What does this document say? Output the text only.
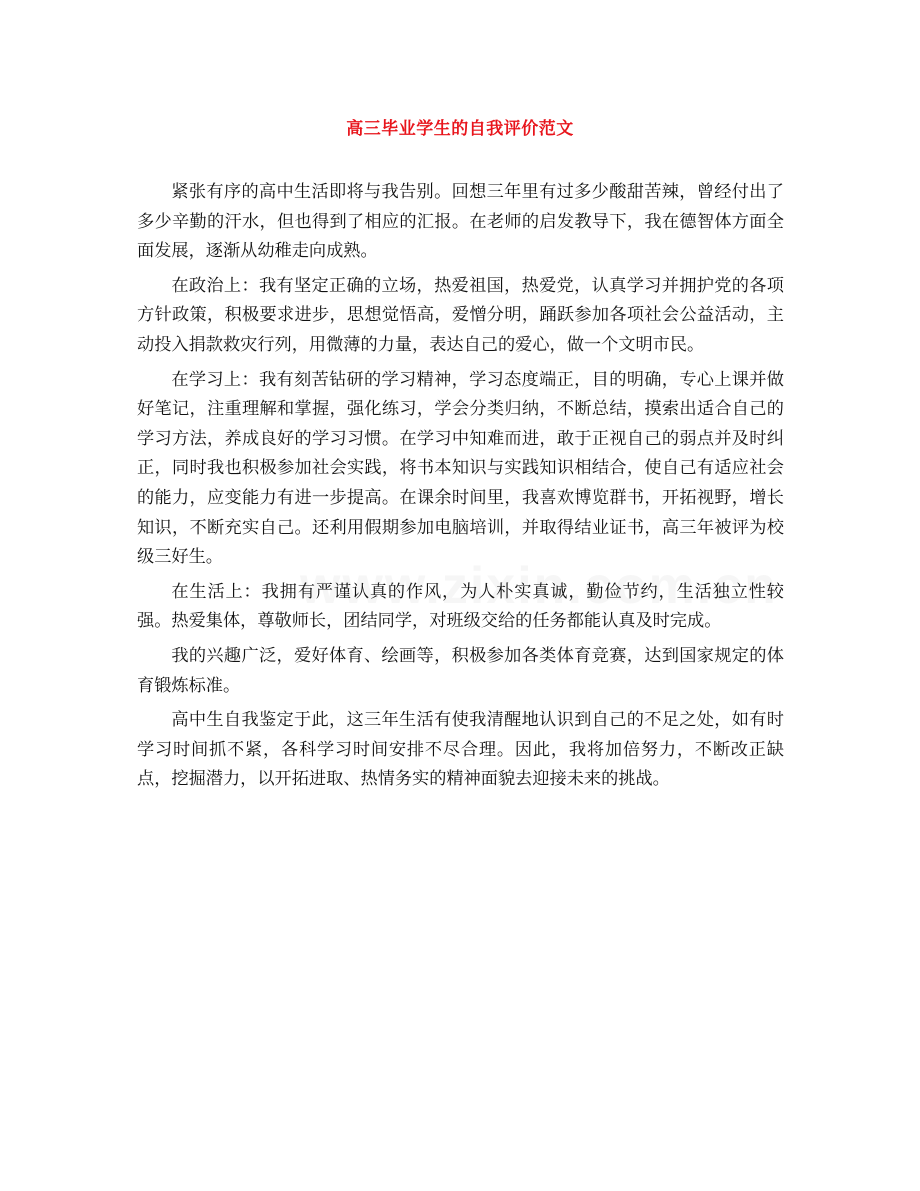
高三毕业学生的自我评价范文

紧张有序的高中生活即将与我告别。回想三年里有过多少酸甜苦辣，曾经付出了多少辛勤的汗水，但也得到了相应的汇报。在老师的启发教导下，我在德智体方面全面发展，逐渐从幼稚走向成熟。

在政治上：我有坚定正确的立场，热爱祖国，热爱党，认真学习并拥护党的各项方针政策，积极要求进步，思想觉悟高，爱憎分明，踊跃参加各项社会公益活动，主动投入捐款救灾行列，用微薄的力量，表达自己的爱心，做一个文明市民。

在学习上：我有刻苦钻研的学习精神，学习态度端正，目的明确，专心上课并做好笔记，注重理解和掌握，强化练习，学会分类归纳，不断总结，摸索出适合自己的学习方法，养成良好的学习习惯。在学习中知难而进，敢于正视自己的弱点并及时纠正，同时我也积极参加社会实践，将书本知识与实践知识相结合，使自己有适应社会的能力，应变能力有进一步提高。在课余时间里，我喜欢博览群书，开拓视野，增长知识，不断充实自己。还利用假期参加电脑培训，并取得结业证书，高三年被评为校级三好生。

在生活上：我拥有严谨认真的作风，为人朴实真诚，勤俭节约，生活独立性较强。热爱集体，尊敬师长，团结同学，对班级交给的任务都能认真及时完成。

我的兴趣广泛，爱好体育、绘画等，积极参加各类体育竞赛，达到国家规定的体育锻炼标准。

高中生自我鉴定于此，这三年生活有使我清醒地认识到自己的不足之处，如有时学习时间抓不紧，各科学习时间安排不尽合理。因此，我将加倍努力，不断改正缺点，挖掘潜力，以开拓进取、热情务实的精神面貌去迎接未来的挑战。
